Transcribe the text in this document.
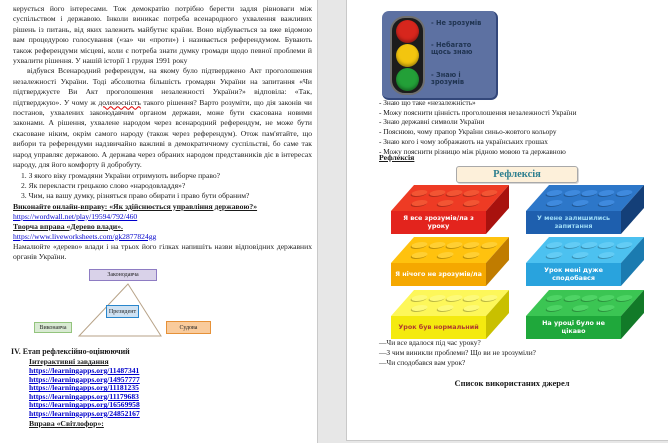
керується його інтересами. Тож демократію потрібно берегти задля рівноваги між суспільством і державою. Інколи виникає потреба всенародного ухвалення важливих рішень із питань, від яких залежить майбутнє країни. Воно відбувається за вже відомою вам процедурою голосування («за» чи «проти») і називається референдумом. Бувають також референдуми місцеві, коли є потреба знати думку громади щодо певної проблеми й ухвалити рішення. У нашій історії 1 грудня 1991 року

відбувся Всенародний референдум, на якому було підтверджено Акт проголошення незалежності України. Тоді абсолютна більшість громадян України на запитання «Чи підтверджуєте Ви Акт проголошення незалежності України?» відповіла: «Так, підтверджую». У чому ж доленосність такого рішення? Варто розуміти, що дія законів чи постанов, ухвалених законодавчим органом держави, може бути скасована новими законами. А рішення, ухвалене народом через всенародний референдум, не може бути скасоване ніким, окрім самого народу (також через референдум). Отож пам'ятайте, що вибори та референдуми надзвичайно важливі в демократичному суспільстві, бо саме так народ управляє державою. А держава через обраних народом представників діє в інтересах народу, для його комфорту й добробуту.

1. З якого віку громадяни України отримують виборче право?

2. Як перекласти грецькою слово «народовладдя»?

3. Чим, на вашу думку, різняться право обирати і право бути обраним?

Виконайте онлайн-вправу: «Як здійснюється управління державою?»

https://wordwall.net/play/19594/792/460

Творча вправа «Дерево влади».

https://www.liveworksheets.com/gk2877824gg

Намалюйте «дерево» влади і на трьох його гілках напишіть назви відповідних державних органів України.

Законодавча
Президент
Виконавча	Судова

IV. Етап рефлексійно-оцінюючий

Інтерактивні завдання

https://learningapps.org/11487341
https://learningapps.org/14957777
https://learningapps.org/11181235
https://learningapps.org/11179683
https://learningapps.org/16569958
https://learningapps.org/24852167

Вправа «Світлофор»:

- Не зрозумів

- Небагато щось знаю

- Знаю і зрозумів

- Знаю що таке «незалежність»

- Можу пояснити цінність проголошення незалежності України

- Знаю державні символи України

- Пояснюю, чому прапор України синьо-жовтого кольору

- Знаю кого і чому зображають на українських грошах

- Можу пояснити різницю між рідною мовою та державною

Рефлексія

Рефлексія
Я все зрозумів/ла з уроку
У мене залишились запитання
Я нічого не зрозумів/ла	Урок мені дуже сподобався
Урок був нормальний	На уроці було не цікаво

—Чи все вдалося під час уроку?

—З чим виникли проблеми? Що ви не зрозуміли?

—Чи сподобався вам урок?

Список використаних джерел
